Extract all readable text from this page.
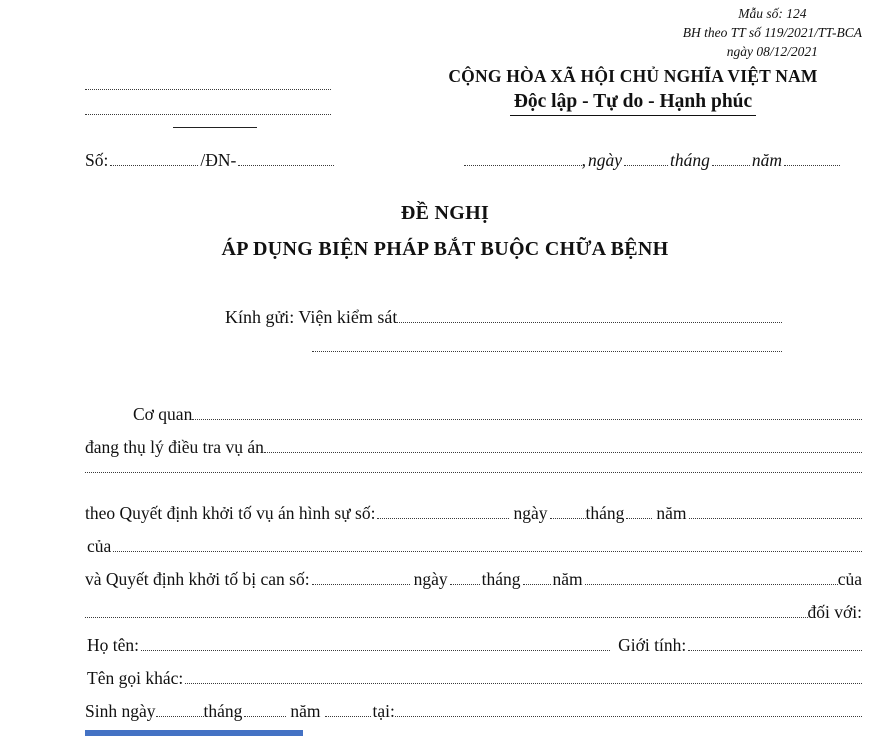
Mẫu số: 124
BH theo TT số 119/2021/TT-BCA
ngày 08/12/2021
CỘNG HÒA XÃ HỘI CHỦ NGHĨA VIỆT NAM
Độc lập - Tự do - Hạnh phúc
Số:	/ĐN-	, ngày	tháng năm
ĐỀ NGHỊ
ÁP DỤNG BIỆN PHÁP BẮT BUỘC CHỮA BỆNH
Kính gửi: Viện kiểm sát
Cơ quan
đang thụ lý điều tra vụ án
theo Quyết định khởi tố vụ án hình sự số:	ngày tháng năm
của
và Quyết định khởi tố bị can số:	ngày tháng năm	của
đối với:
Họ tên:	Giới tính:
Tên gọi khác:
Sinh ngày	tháng	năm	tại:
